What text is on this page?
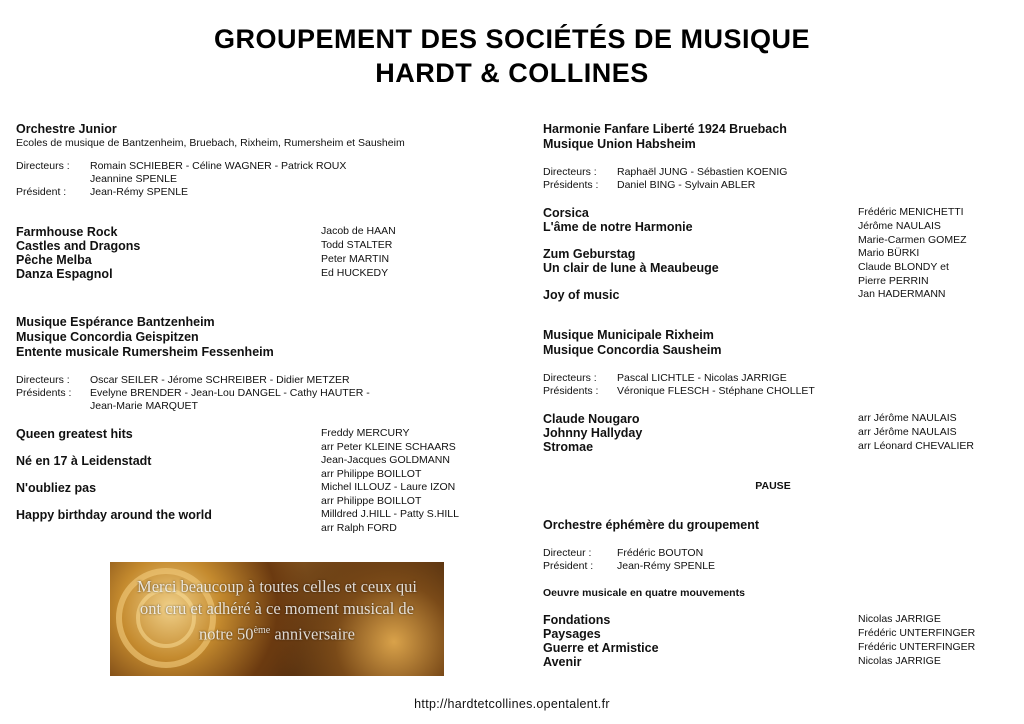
GROUPEMENT DES SOCIÉTÉS DE MUSIQUE
HARDT & COLLINES
Orchestre Junior
Ecoles de musique de Bantzenheim, Bruebach, Rixheim, Rumersheim et Sausheim
Directeurs :	Romain SCHIEBER - Céline WAGNER - Patrick ROUX
Jeannine SPENLE
Président :	Jean-Rémy SPENLE
Farmhouse Rock	Jacob de HAAN
Castles and Dragons	Todd STALTER
Pêche Melba	Peter MARTIN
Danza Espagnol	Ed HUCKEDY
Musique Espérance Bantzenheim
Musique Concordia Geispitzen
Entente musicale Rumersheim Fessenheim
Directeurs :	Oscar SEILER - Jérome SCHREIBER - Didier METZER
Présidents :	Evelyne BRENDER - Jean-Lou DANGEL - Cathy HAUTER -
Jean-Marie MARQUET
Queen greatest hits	Freddy MERCURY
arr Peter KLEINE SCHAARS
Né en 17 à Leidenstadt	Jean-Jacques GOLDMANN
arr Philippe BOILLOT
N'oubliez pas	Michel ILLOUZ - Laure IZON
arr Philippe BOILLOT
Happy birthday around the world	Milldred J.HILL - Patty S.HILL
arr Ralph FORD
Merci beaucoup à toutes celles et ceux qui
ont cru et adhéré à ce moment musical de
notre 50ème anniversaire
Harmonie Fanfare Liberté 1924 Bruebach
Musique Union Habsheim
Directeurs :	Raphaël JUNG - Sébastien KOENIG
Présidents :	Daniel BING - Sylvain ABLER
Corsica	Frédéric MENICHETTI
L'âme de notre Harmonie	Jérôme NAULAIS
Marie-Carmen GOMEZ
Zum Geburstag	Mario BÜRKI
Un clair de lune à Meaubeuge	Claude BLONDY et
Pierre PERRIN
Joy of music	Jan HADERMANN
Musique Municipale Rixheim
Musique Concordia Sausheim
Directeurs :	Pascal LICHTLE - Nicolas JARRIGE
Présidents :	Véronique FLESCH - Stéphane CHOLLET
Claude Nougaro	arr Jérôme NAULAIS
Johnny Hallyday	arr Jérôme NAULAIS
Stromae	arr Léonard CHEVALIER
PAUSE
Orchestre éphémère du groupement
Directeur :	Frédéric BOUTON
Président :	Jean-Rémy SPENLE
Oeuvre musicale en quatre mouvements
Fondations	Nicolas JARRIGE
Paysages	Frédéric UNTERFINGER
Guerre et Armistice	Frédéric UNTERFINGER
Avenir	Nicolas JARRIGE
http://hardtetcollines.opentalent.fr
